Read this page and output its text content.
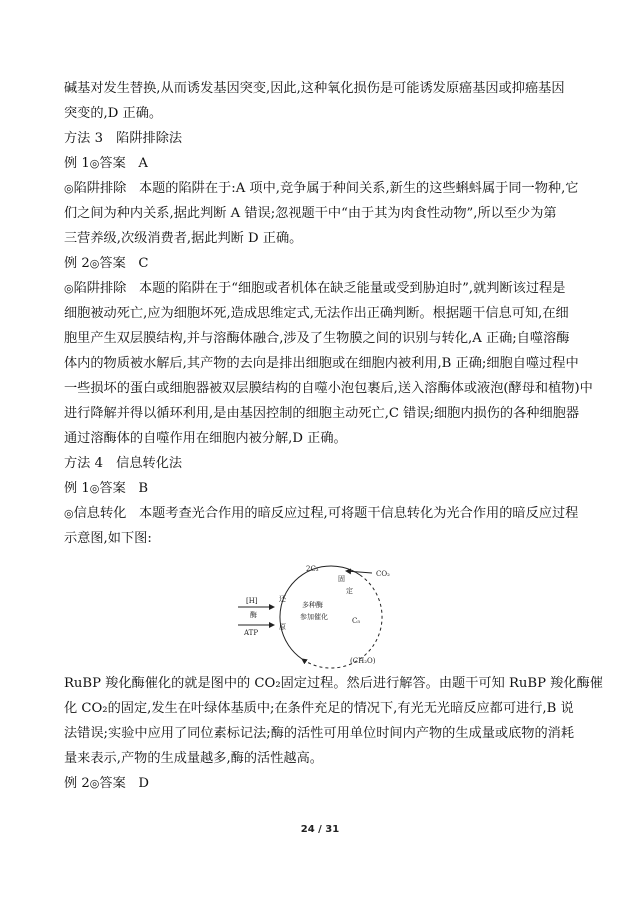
碱基对发生替换,从而诱发基因突变,因此,这种氧化损伤是可能诱发原癌基因或抑癌基因
突变的,D 正确。
方法 3　陷阱排除法
例 1◎答案 A
◎陷阱排除 本题的陷阱在于:A 项中,竞争属于种间关系,新生的这些蝌蚪属于同一物种,它
们之间为种内关系,据此判断 A 错误;忽视题干中“由于其为肉食性动物”,所以至少为第
三营养级,次级消费者,据此判断 D 正确。
例 2◎答案 C
◎陷阱排除 本题的陷阱在于“细胞或者机体在缺乏能量或受到胁迫时”,就判断该过程是
细胞被动死亡,应为细胞坏死,造成思维定式,无法作出正确判断。根据题干信息可知,在细
胞里产生双层膜结构,并与溶酶体融合,涉及了生物膜之间的识别与转化,A 正确;自噬溶酶
体内的物质被水解后,其产物的去向是排出细胞或在细胞内被利用,B 正确;细胞自噬过程中
一些损坏的蛋白或细胞器被双层膜结构的自噬小泡包裹后,送入溶酶体或液泡(酵母和植物)中
进行降解并得以循环利用,是由基因控制的细胞主动死亡,C 错误;细胞内损伤的各种细胞器
通过溶酶体的自噬作用在细胞内被分解,D 正确。
方法 4　信息转化法
例 1◎答案 B
◎信息转化 本题考查光合作用的暗反应过程,可将题干信息转化为光合作用的暗反应过程
示意图,如下图:
2C₃
CO₂
[H]
酶
ATP
还
原
固
定
多种酶
参加催化	C₅
(CH₂O)
RuBP 羧化酶催化的就是图中的 CO₂固定过程。然后进行解答。由题干可知 RuBP 羧化酶催
化 CO₂的固定,发生在叶绿体基质中;在条件充足的情况下,有光无光暗反应都可进行,B 说
法错误;实验中应用了同位素标记法;酶的活性可用单位时间内产物的生成量或底物的消耗
量来表示,产物的生成量越多,酶的活性越高。
例 2◎答案 D
24 / 31
